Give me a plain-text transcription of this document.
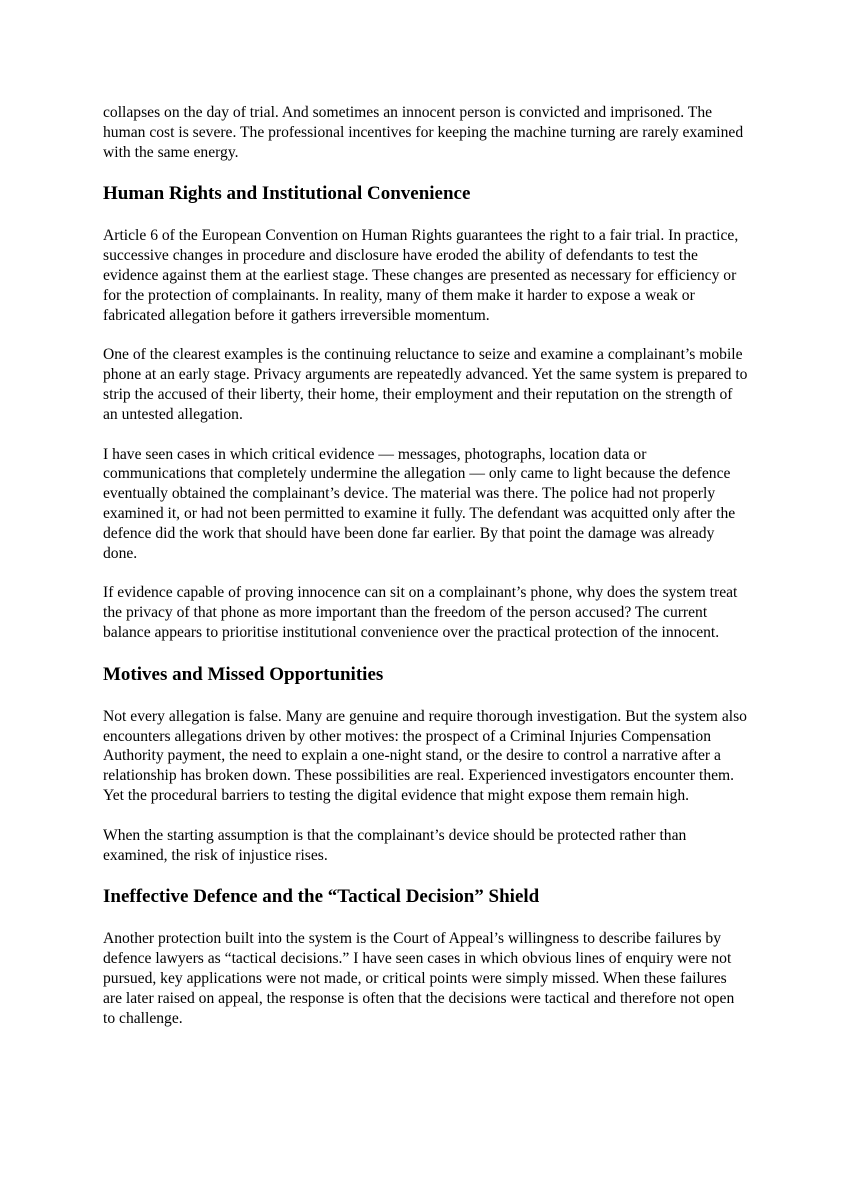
collapses on the day of trial. And sometimes an innocent person is convicted and imprisoned. The human cost is severe. The professional incentives for keeping the machine turning are rarely examined with the same energy.

Human Rights and Institutional Convenience

Article 6 of the European Convention on Human Rights guarantees the right to a fair trial. In practice, successive changes in procedure and disclosure have eroded the ability of defendants to test the evidence against them at the earliest stage. These changes are presented as necessary for efficiency or for the protection of complainants. In reality, many of them make it harder to expose a weak or fabricated allegation before it gathers irreversible momentum.

One of the clearest examples is the continuing reluctance to seize and examine a complainant’s mobile phone at an early stage. Privacy arguments are repeatedly advanced. Yet the same system is prepared to strip the accused of their liberty, their home, their employment and their reputation on the strength of an untested allegation.

I have seen cases in which critical evidence — messages, photographs, location data or communications that completely undermine the allegation — only came to light because the defence eventually obtained the complainant’s device. The material was there. The police had not properly examined it, or had not been permitted to examine it fully. The defendant was acquitted only after the defence did the work that should have been done far earlier. By that point the damage was already done.

If evidence capable of proving innocence can sit on a complainant’s phone, why does the system treat the privacy of that phone as more important than the freedom of the person accused? The current balance appears to prioritise institutional convenience over the practical protection of the innocent.

Motives and Missed Opportunities

Not every allegation is false. Many are genuine and require thorough investigation. But the system also encounters allegations driven by other motives: the prospect of a Criminal Injuries Compensation Authority payment, the need to explain a one-night stand, or the desire to control a narrative after a relationship has broken down. These possibilities are real. Experienced investigators encounter them. Yet the procedural barriers to testing the digital evidence that might expose them remain high.

When the starting assumption is that the complainant’s device should be protected rather than examined, the risk of injustice rises.

Ineffective Defence and the “Tactical Decision” Shield

Another protection built into the system is the Court of Appeal’s willingness to describe failures by defence lawyers as “tactical decisions.” I have seen cases in which obvious lines of enquiry were not pursued, key applications were not made, or critical points were simply missed. When these failures are later raised on appeal, the response is often that the decisions were tactical and therefore not open to challenge.
